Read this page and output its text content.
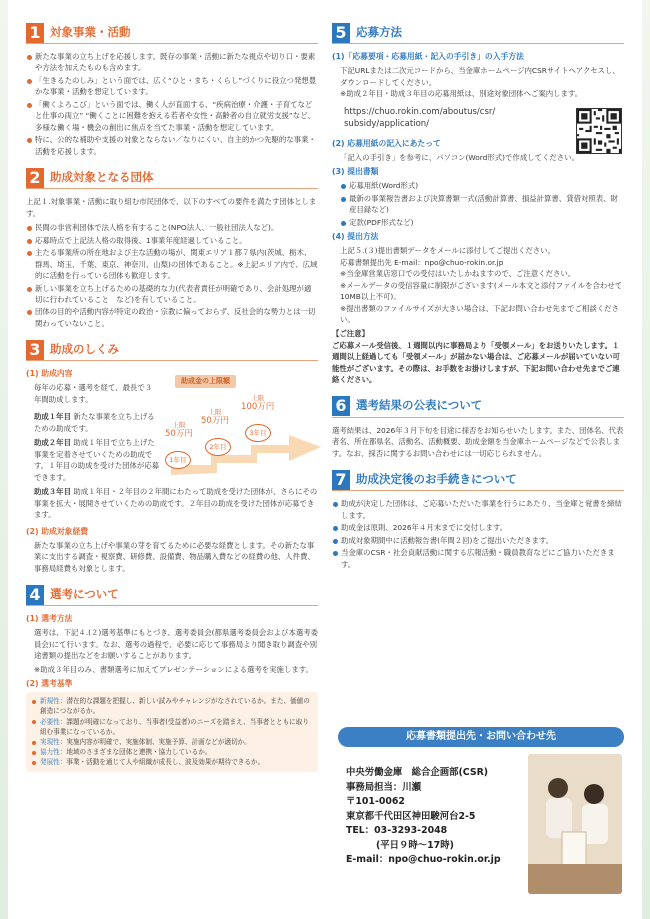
1 対象事業・活動
新たな事業の立ち上げを応援します。既存の事業・活動に新たな視点や切り口・要素や方法を加えたものも含めます。
「生きるたのしみ」という面では、広く“ひと・まち・くらし”づくりに役立つ発想豊かな事業・活動を想定しています。
「働くよろこび」という面では、働く人が直面する、“疾病治療・介護・子育てなどと仕事の両立” “働くことに困難を抱える若者や女性・高齢者の自立就労支援”など、多様な働く場・機会の創出に焦点を当てた事業・活動を想定しています。
特に、公的な補助や支援の対象とならない／なりにくい、自主的かつ先駆的な事業・活動を応援します。
2 助成対象となる団体
上記１.対象事業・活動に取り組む市民団体で、以下のすべての要件を満たす団体とします。
民間の非営利団体で法人格を有すること(NPO法人、一般社団法人など)。
応募時点で上記法人格の取得後、1事業年度経過していること。
主たる事業所の所在地および主な活動の場が、関東エリア１都７県内(茨城、栃木、群馬、埼玉、千葉、東京、神奈川、山梨)の団体であること。※上記エリア内で、広域的に活動を行っている団体も歓迎します。
新しい事業を立ち上げるための基礎的な力(代表者責任が明確であり、会計処理が適切に行われていること　など)を有していること。
団体の目的や活動内容が特定の政治・宗教に偏っておらず、反社会的な勢力とは一切関わっていないこと。
3 助成のしくみ
(1) 助成内容
毎年の応募・選考を経て、最長で３年間助成します。
助成金の上限額
上限
50万円
上限
50万円
上限
100万円
1年目
2年目
3年目
助成１年目 新たな事業を立ち上げるための助成です。
助成２年目 助成１年目で立ち上げた事業を定着させていくための助成です。１年目の助成を受けた団体が応募できます。
助成３年目 助成１年目・２年目の２年間にわたって助成を受けた団体が、さらにその事業を拡大・展開させていくための助成です。２年目の助成を受けた団体が応募できます。
(2) 助成対象経費
新たな事業の立ち上げや事業の芽を育てるために必要な経費とします。その新たな事業に支出する調査・視察費、研修費、設備費、物品購入費などの経費の他、人件費、事務局経費も対象とします。
4 選考について
(1) 選考方法
選考は、下記４.(２)選考基準にもとづき、選考委員会(都県選考委員会および本選考委員会)にて行います。なお、選考の過程で、必要に応じて事務局より聞き取り調査や別途書類の提出などをお願いすることがあります。
※助成３年目のみ、書類選考に加えてプレゼンテーションによる選考を実施します。
(2) 選考基準
新規性：潜在的な課題を把握し、新しい試みやチャレンジがなされているか。また、価値の創造につながるか。
必要性：課題が明確になっており、当事者(受益者)のニーズを踏まえ、当事者とともに取り組む事業になっているか。
実現性：実施内容が明確で、実施体制、実施予算、計画などが適切か。
協力性：地域のさまざまな団体と連携・協力しているか。
発展性：事業・活動を通じて人や組織が成長し、波及効果が期待できるか。
5 応募方法
(1)「応募要項・応募用紙・記入の手引き」の入手方法
下記URLまたは二次元コードから、当金庫ホームページ内CSRサイトへアクセスし、ダウンロードしてください。
※助成２年目・助成３年目の応募用紙は、別途対象団体へご案内します。
https://chuo.rokin.com/aboutus/csr/
subsidy/application/
(2) 応募用紙の記入にあたって
「記入の手引き」を参考に、パソコン(Word形式)で作成してください。
(3) 提出書類
応募用紙(Word形式)
最新の事業報告書および決算書類一式(活動計算書、損益計算書、貸借対照表、財産目録など)
定款(PDF形式など)
(4) 提出方法
上記５.(３)提出書類データをメールに添付してご提出ください。
応募書類提出先 E-mail：npo@chuo-rokin.or.jp
※当金庫営業店窓口での受付はいたしかねますので、ご注意ください。
※メールデータの受信容量に制限がございます(メール本文と添付ファイルを合わせて10MB以上不可)。
※提出書類のファイルサイズが大きい場合は、下記お問い合わせ先までご相談ください。
【ご注意】
ご応募メール受信後、１週間以内に事務局より「受領メール」をお送りいたします。１週間以上経過しても「受領メール」が届かない場合は、ご応募メールが届いていない可能性がございます。その際は、お手数をお掛けしますが、下記お問い合わせ先までご連絡ください。
6 選考結果の公表について
選考結果は、2026年３月下旬を目途に採否をお知らせいたします。また、団体名、代表者名、所在都県名、活動名、活動概要、助成金額を当金庫ホームページなどで公表します。なお、採否に関するお問い合わせには一切応じられません。
7 助成決定後のお手続きについて
助成が決定した団体は、ご応募いただいた事業を行うにあたり、当金庫と覚書を締結します。
助成金は原則、2026年４月末までに交付します。
助成対象期間中に活動報告書(年間２回)をご提出いただきます。
当金庫のCSR・社会貢献活動に関する広報活動・職員教育などにご協力いただきます。
応募書類提出先・お問い合わせ先
中央労働金庫　総合企画部(CSR)
事務局担当：川瀬
〒101-0062
東京都千代田区神田駿河台2-5
TEL：03-3293-2048
(平日９時〜17時)
E-mail：npo@chuo-rokin.or.jp
